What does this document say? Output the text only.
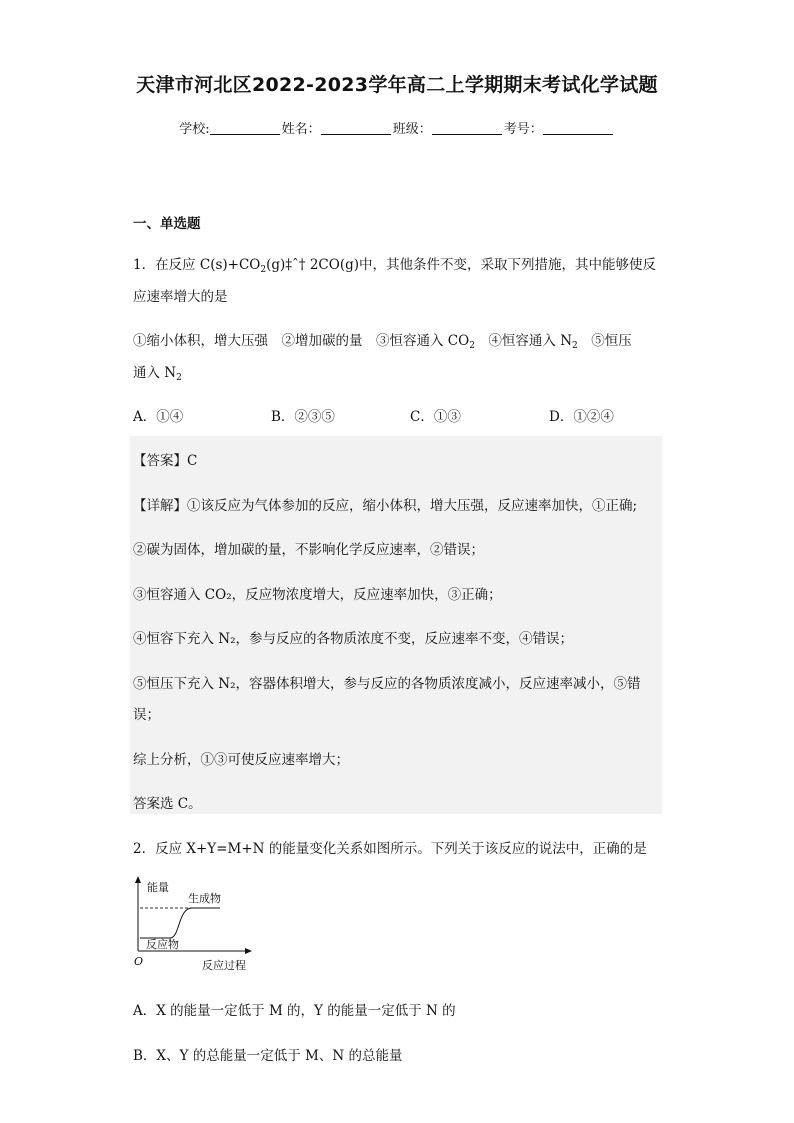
天津市河北区2022-2023学年高二上学期期末考试化学试题
学校:	姓名：	班级：	考号：
一、单选题
1．在反应 $C(s)+CO_2(g)\ddagger ˆ\dagger$ 2CO(g)中，其他条件不变，采取下列措施，其中能够使反
应速率增大的是
①缩小体积，增大压强　②增加碳的量　③恒容通入 $CO_2$　④恒容通入 $N_2$　⑤恒压
通入 $N_2$
A．①④	B．②③⑤	C．①③	D．①②④
【答案】C
【详解】①该反应为气体参加的反应，缩小体积，增大压强，反应速率加快，①正确;
②碳为固体，增加碳的量，不影响化学反应速率，②错误；
③恒容通入 CO₂，反应物浓度增大，反应速率加快，③正确；
④恒容下充入 N₂，参与反应的各物质浓度不变，反应速率不变，④错误；
⑤恒压下充入 N₂，容器体积增大，参与反应的各物质浓度减小，反应速率减小，⑤错
误；
综上分析，①③可使反应速率增大；
答案选 C。
2．反应 X+Y=M+N 的能量变化关系如图所示。下列关于该反应的说法中，正确的是
能量
生成物
反应物
O	反应过程
A．X 的能量一定低于 M 的，Y 的能量一定低于 N 的
B．X、Y 的总能量一定低于 M、N 的总能量
